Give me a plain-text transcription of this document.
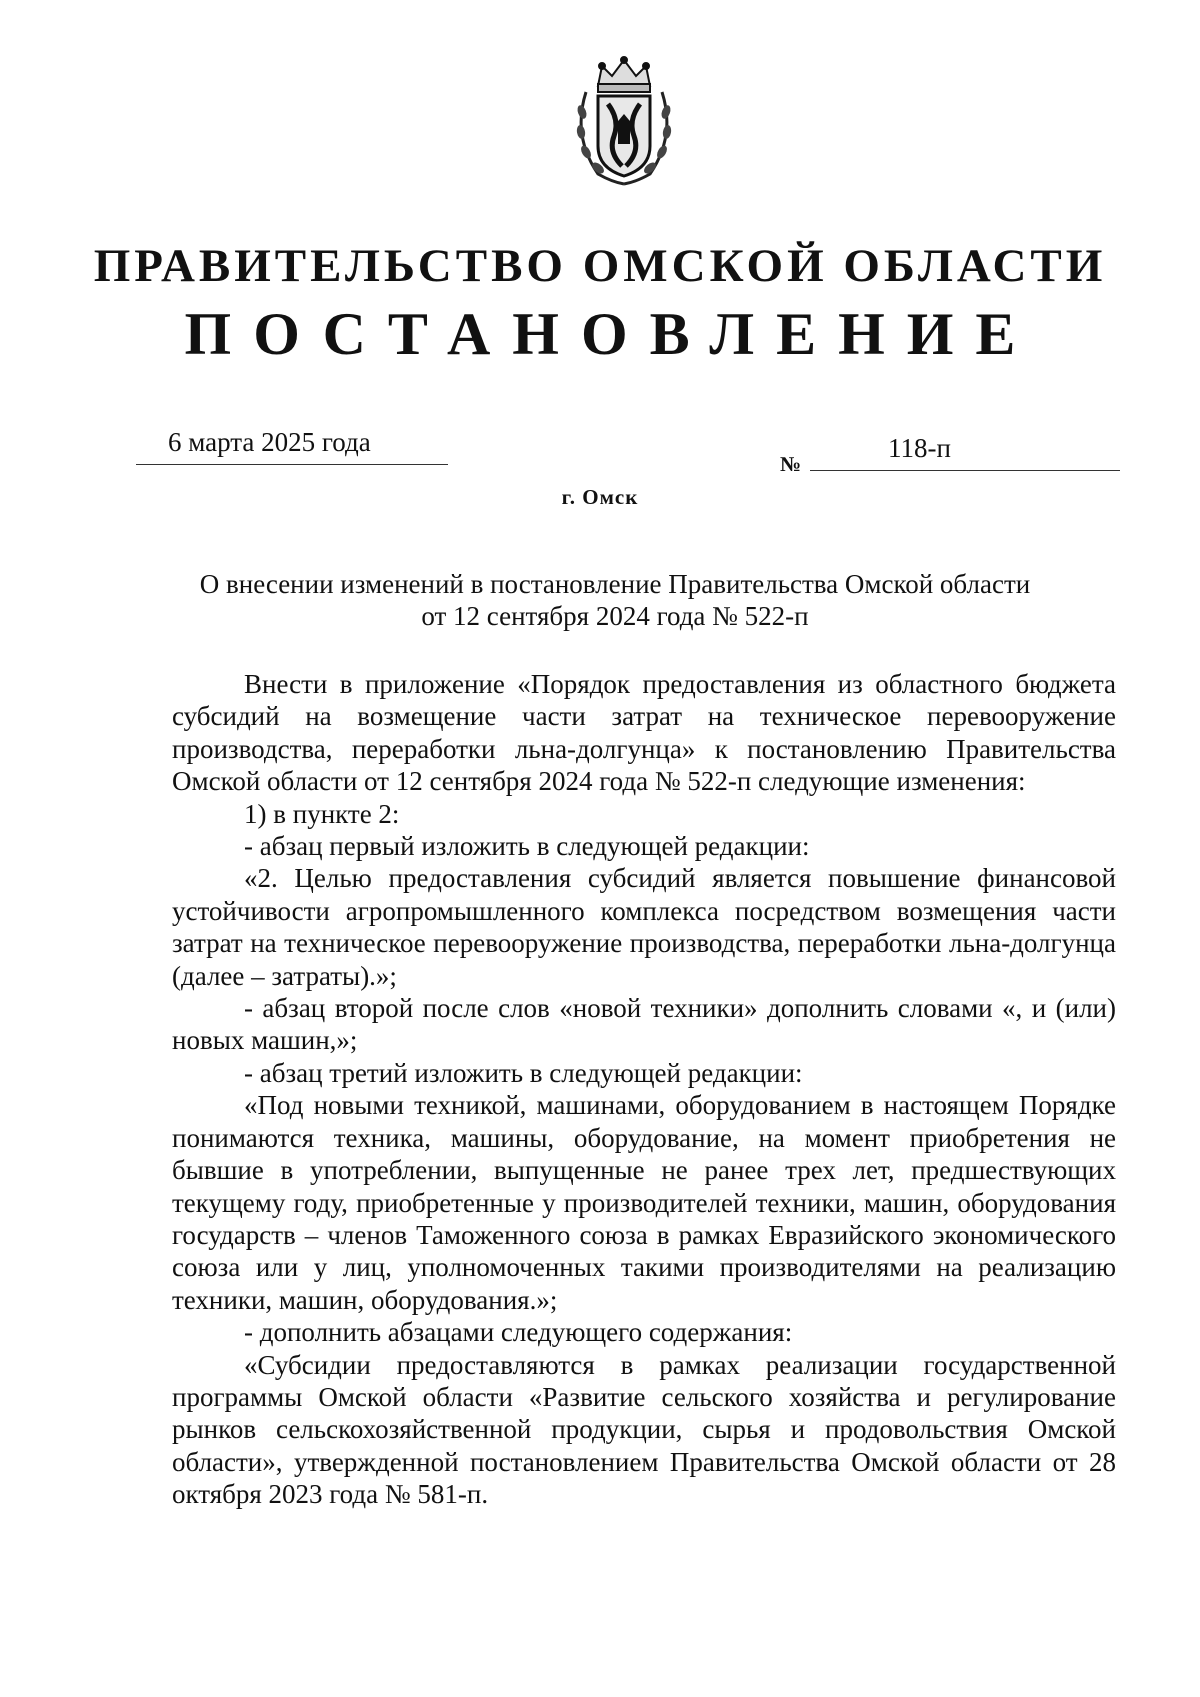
ПРАВИТЕЛЬСТВО ОМСКОЙ ОБЛАСТИ
ПОСТАНОВЛЕНИЕ
6 марта 2025 года
№
118-п
г. Омск
О внесении изменений в постановление Правительства Омской области
от 12 сентября 2024 года № 522-п

Внести в приложение «Порядок предоставления из областного бюджета субсидий на возмещение части затрат на техническое перевооружение производства, переработки льна-долгунца» к постановлению Правительства Омской области от 12 сентября 2024 года № 522-п следующие изменения:

1) в пункте 2:

- абзац первый изложить в следующей редакции:

«2. Целью предоставления субсидий является повышение финансовой устойчивости агропромышленного комплекса посредством возмещения части затрат на техническое перевооружение производства, переработки льна-долгунца (далее – затраты).»;

- абзац второй после слов «новой техники» дополнить словами «, и (или) новых машин,»;

- абзац третий изложить в следующей редакции:

«Под новыми техникой, машинами, оборудованием в настоящем Порядке понимаются техника, машины, оборудование, на момент приобретения не бывшие в употреблении, выпущенные не ранее трех лет, предшествующих текущему году, приобретенные у производителей техники, машин, оборудования государств – членов Таможенного союза в рамках Евразийского экономического союза или у лиц, уполномоченных такими производителями на реализацию техники, машин, оборудования.»;

- дополнить абзацами следующего содержания:

«Субсидии предоставляются в рамках реализации государственной программы Омской области «Развитие сельского хозяйства и регулирование рынков сельскохозяйственной продукции, сырья и продовольствия Омской области», утвержденной постановлением Правительства Омской области от 28 октября 2023 года № 581-п.
